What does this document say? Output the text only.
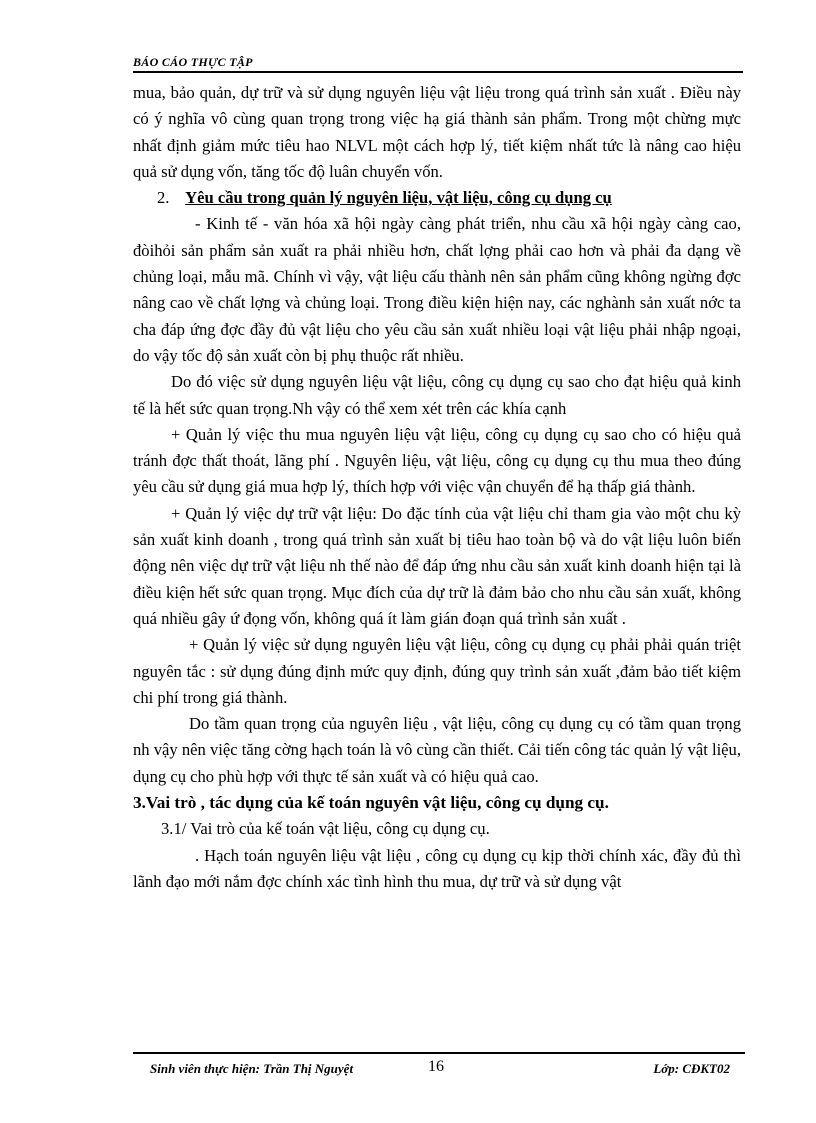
BÁO CÁO THỰC TẬP

mua, bảo quản, dự trữ và sử dụng nguyên liệu vật liệu trong quá trình sản xuất . Điều này có ý nghĩa vô cùng quan trọng trong việc hạ giá thành sản phẩm. Trong một chừng mực nhất định giảm mức tiêu hao NLVL một cách hợp lý, tiết kiệm nhất tức là nâng cao hiệu quả sử dụng vốn, tăng tốc độ luân chuyển vốn.

2. Yêu cầu trong quản lý nguyên liệu, vật liệu, công cụ dụng cụ

- Kinh tế - văn hóa xã hội ngày càng phát triển, nhu cầu xã hội ngày càng cao, đòihỏi sản phẩm sản xuất ra phải nhiều hơn, chất lợng phải cao hơn và phải đa dạng về chủng loại, mẫu mã. Chính vì vậy, vật liệu cấu thành nên sản phẩm cũng không ngừng đợc nâng cao về chất lợng và chủng loại. Trong điều kiện hiện nay, các nghành sản xuất nớc ta cha đáp ứng đợc đầy đủ vật liệu cho yêu cầu sản xuất nhiều loại vật liệu phải nhập ngoại, do vậy tốc độ sản xuất còn bị phụ thuộc rất nhiều.

Do đó việc sử dụng nguyên liệu vật liệu, công cụ dụng cụ sao cho đạt hiệu quả kinh tế là hết sức quan trọng.Nh vậy có thể xem xét trên các khía cạnh

+ Quản lý việc thu mua nguyên liệu vật liệu, công cụ dụng cụ sao cho có hiệu quả tránh đợc thất thoát, lãng phí . Nguyên liệu, vật liệu, công cụ dụng cụ thu mua theo đúng yêu cầu sử dụng giá mua hợp lý, thích hợp với việc vận chuyển để hạ thấp giá thành.

+ Quản lý việc dự trữ vật liệu: Do đặc tính của vật liệu chỉ tham gia vào một chu kỳ sản xuất kinh doanh , trong quá trình sản xuất bị tiêu hao toàn bộ và do vật liệu luôn biến động nên việc dự trữ vật liệu nh thế nào để đáp ứng nhu cầu sản xuất kinh doanh hiện tại là điều kiện hết sức quan trọng. Mục đích của dự trữ là đảm bảo cho nhu cầu sản xuất, không quá nhiều gây ứ đọng vốn, không quá ít làm gián đoạn quá trình sản xuất .

+ Quản lý việc sử dụng nguyên liệu vật liệu, công cụ dụng cụ phải phải quán triệt nguyên tắc : sử dụng đúng định mức quy định, đúng quy trình sản xuất ,đảm bảo tiết kiệm chi phí trong giá thành.

Do tầm quan trọng của nguyên liệu , vật liệu, công cụ dụng cụ có tầm quan trọng nh vậy nên việc tăng cờng hạch toán là vô cùng cần thiết. Cải tiến công tác quản lý vật liệu, dụng cụ cho phù hợp với thực tế sản xuất và có hiệu quả cao.

3.Vai trò , tác dụng của kế toán nguyên vật liệu, công cụ dụng cụ.

3.1/ Vai trò của kế toán vật liệu, công cụ dụng cụ.

. Hạch toán nguyên liệu vật liệu , công cụ dụng cụ kịp thời chính xác, đầy đủ thì lãnh đạo mới nắm đợc chính xác tình hình thu mua, dự trữ và sử dụng vật

Sinh viên thực hiện: Trần Thị Nguyệt	16	Lớp: CĐKT02
